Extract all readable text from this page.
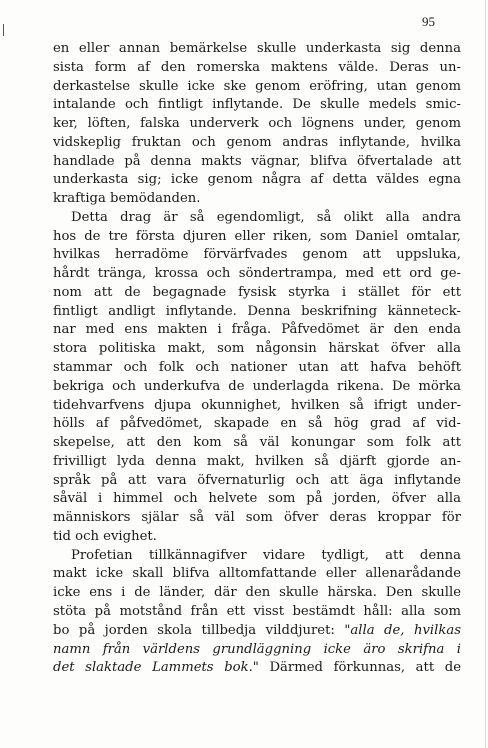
95
en eller annan bemärkelse skulle underkasta sig denna
sista form af den romerska maktens välde. Deras un-
derkastelse skulle icke ske genom eröfring, utan genom
intalande och fintligt inflytande. De skulle medels smic-
ker, löften, falska underverk och lögnens under, genom
vidskeplig fruktan och genom andras inflytande, hvilka
handlade på denna makts vägnar, blifva öfvertalade att
underkasta sig; icke genom några af detta väldes egna
kraftiga bemödanden.
Detta drag är så egendomligt, så olikt alla andra
hos de tre första djuren eller riken, som Daniel omtalar,
hvilkas herradöme förvärfvades genom att uppsluka,
hårdt tränga, krossa och söndertrampa, med ett ord ge-
nom att de begagnade fysisk styrka i stället för ett
fintligt andligt inflytande. Denna beskrifning känneteck-
nar med ens makten i fråga. Påfvedömet är den enda
stora politiska makt, som någonsin härskat öfver alla
stammar och folk och nationer utan att hafva behöft
bekriga och underkufva de underlagda rikena. De mörka
tidehvarfvens djupa okunnighet, hvilken så ifrigt under-
hölls af påfvedömet, skapade en så hög grad af vid-
skepelse, att den kom så väl konungar som folk att
frivilligt lyda denna makt, hvilken så djärft gjorde an-
språk på att vara öfvernaturlig och att äga inflytande
såväl i himmel och helvete som på jorden, öfver alla
människors själar så väl som öfver deras kroppar för
tid och evighet.
Profetian tillkännagifver vidare tydligt, att denna
makt icke skall blifva alltomfattande eller allenarådande
icke ens i de länder, där den skulle härska. Den skulle
stöta på motstånd från ett visst bestämdt håll: alla som
bo på jorden skola tillbedja vilddjuret: "alla de, hvilkas
namn från världens grundläggning icke äro skrifna i
det slaktade Lammets bok." Därmed förkunnas, att de
